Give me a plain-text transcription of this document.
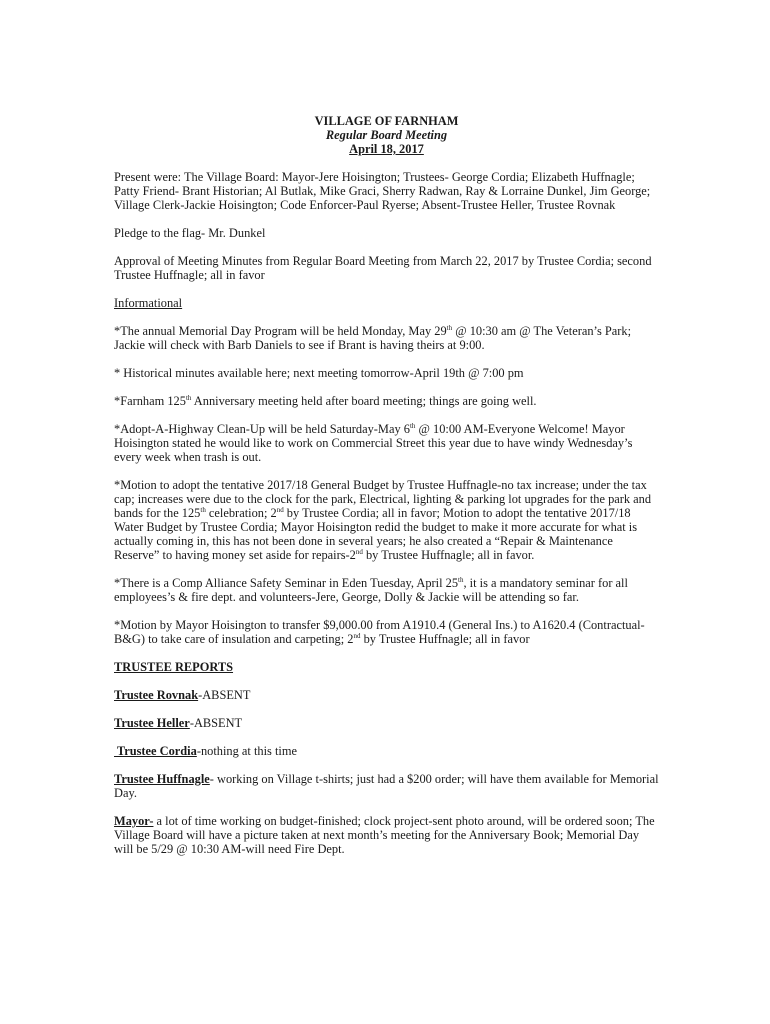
VILLAGE OF FARNHAM
Regular Board Meeting
April 18, 2017

Present were: The Village Board: Mayor-Jere Hoisington; Trustees- George Cordia; Elizabeth Huffnagle; Patty Friend- Brant Historian; Al Butlak, Mike Graci, Sherry Radwan, Ray & Lorraine Dunkel, Jim George; Village Clerk-Jackie Hoisington; Code Enforcer-Paul Ryerse; Absent-Trustee Heller, Trustee Rovnak

Pledge to the flag- Mr. Dunkel

Approval of Meeting Minutes from Regular Board Meeting from March 22, 2017 by Trustee Cordia; second Trustee Huffnagle; all in favor

Informational

*The annual Memorial Day Program will be held Monday, May 29th @ 10:30 am @ The Veteran’s Park; Jackie will check with Barb Daniels to see if Brant is having theirs at 9:00.

* Historical minutes available here; next meeting tomorrow-April 19th @ 7:00 pm

*Farnham 125th Anniversary meeting held after board meeting; things are going well.

*Adopt-A-Highway Clean-Up will be held Saturday-May 6th @ 10:00 AM-Everyone Welcome! Mayor Hoisington stated he would like to work on Commercial Street this year due to have windy Wednesday’s every week when trash is out.

*Motion to adopt the tentative 2017/18 General Budget by Trustee Huffnagle-no tax increase; under the tax cap; increases were due to the clock for the park, Electrical, lighting & parking lot upgrades for the park and bands for the 125th celebration; 2nd by Trustee Cordia; all in favor; Motion to adopt the tentative 2017/18 Water Budget by Trustee Cordia; Mayor Hoisington redid the budget to make it more accurate for what is actually coming in, this has not been done in several years; he also created a “Repair & Maintenance Reserve” to having money set aside for repairs-2nd by Trustee Huffnagle; all in favor.

*There is a Comp Alliance Safety Seminar in Eden Tuesday, April 25th, it is a mandatory seminar for all employees’s & fire dept. and volunteers-Jere, George, Dolly & Jackie will be attending so far.

*Motion by Mayor Hoisington to transfer $9,000.00 from A1910.4 (General Ins.) to A1620.4 (Contractual-B&G) to take care of insulation and carpeting; 2nd by Trustee Huffnagle; all in favor

TRUSTEE REPORTS

Trustee Rovnak-ABSENT

Trustee Heller-ABSENT

Trustee Cordia-nothing at this time

Trustee Huffnagle- working on Village t-shirts; just had a $200 order; will have them available for Memorial Day.

Mayor- a lot of time working on budget-finished; clock project-sent photo around, will be ordered soon; The Village Board will have a picture taken at next month’s meeting for the Anniversary Book; Memorial Day will be 5/29 @ 10:30 AM-will need Fire Dept.
